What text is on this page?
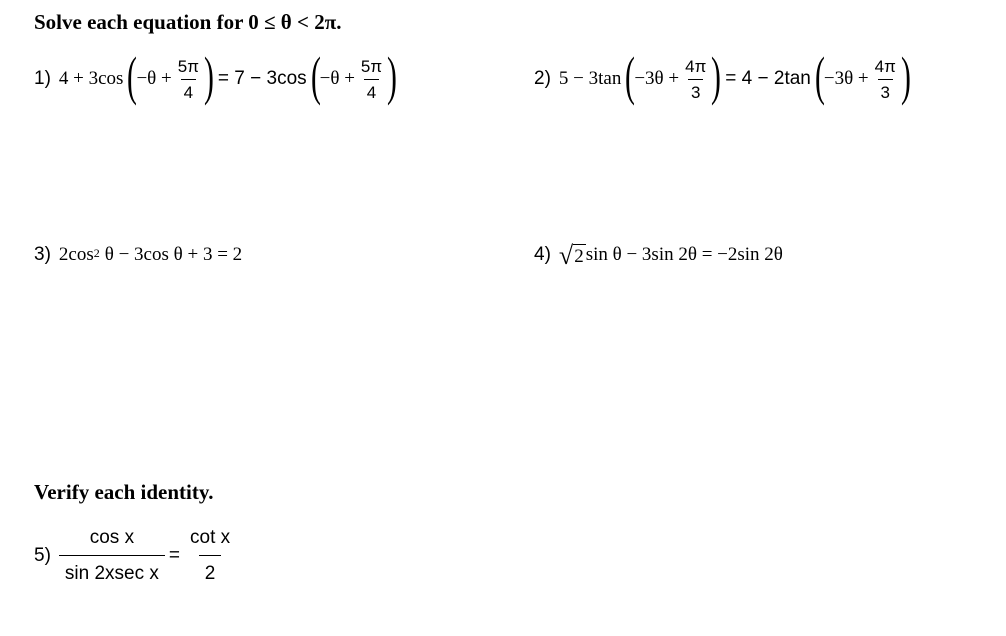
Solve each equation for 0 ≤ θ < 2π.
1) 4 + 3cos ( $-\theta + \frac{5\pi}{4}$ ) = 7 − 3cos ( $-\theta + \frac{5\pi}{4}$ )	2) 5 − 3tan ( $-3\theta + \frac{4\pi}{3}$ ) = 4 − 2tan ( $-3\theta + \frac{4\pi}{3}$ )
3) $2\cos^2$ θ − 3cos θ + 3 = 2	4) √ 2 sin θ − 3sin 2θ = −2sin 2θ
Verify each identity.
5)
cos x
sin 2xsec x
= $\frac{\text{cot x}}{2}$
